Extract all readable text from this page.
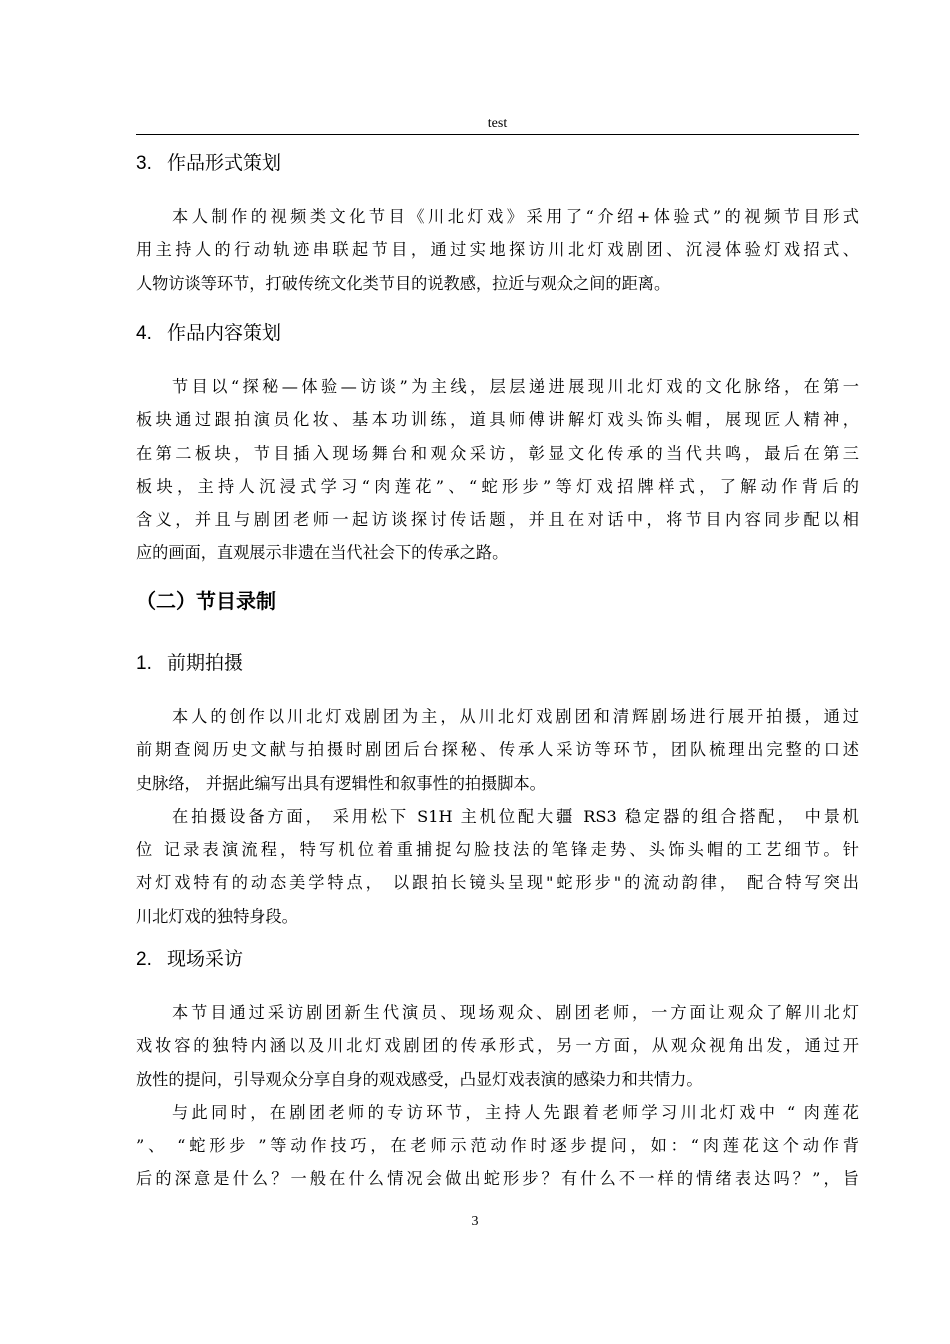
test
3. 作品形式策划
本人制作的视频类文化节目《川北灯戏》采用了“介绍+体验式”的视频节目形式
用主持人的行动轨迹串联起节目，通过实地探访川北灯戏剧团、沉浸体验灯戏招式、
人物访谈等环节，打破传统文化类节目的说教感，拉近与观众之间的距离。
4. 作品内容策划
节目以“探秘—体验—访谈”为主线，层层递进展现川北灯戏的文化脉络，在第一
板块通过跟拍演员化妆、基本功训练，道具师傅讲解灯戏头饰头帽，展现匠人精神，
在第二板块，节目插入现场舞台和观众采访，彰显文化传承的当代共鸣，最后在第三
板块，主持人沉浸式学习“肉莲花”、“蛇形步”等灯戏招牌样式，了解动作背后的
含义，并且与剧团老师一起访谈探讨传话题，并且在对话中，将节目内容同步配以相
应的画面，直观展示非遗在当代社会下的传承之路。
（二）节目录制
1. 前期拍摄
本人的创作以川北灯戏剧团为主，从川北灯戏剧团和清辉剧场进行展开拍摄，通过
前期查阅历史文献与拍摄时剧团后台探秘、传承人采访等环节，团队梳理出完整的口述
史脉络， 并据此编写出具有逻辑性和叙事性的拍摄脚本。
在拍摄设备方面， 采用松下 S1H 主机位配大疆 RS3 稳定器的组合搭配， 中景机
位 记录表演流程，特写机位着重捕捉勾脸技法的笔锋走势、头饰头帽的工艺细节。针
对灯戏特有的动态美学特点， 以跟拍长镜头呈现"蛇形步"的流动韵律， 配合特写突出
川北灯戏的独特身段。
2. 现场采访
本节目通过采访剧团新生代演员、现场观众、剧团老师，一方面让观众了解川北灯
戏妆容的独特内涵以及川北灯戏剧团的传承形式，另一方面，从观众视角出发，通过开
放性的提问，引导观众分享自身的观戏感受，凸显灯戏表演的感染力和共情力。
与此同时，在剧团老师的专访环节，主持人先跟着老师学习川北灯戏中 “ 肉莲花
”、 “蛇形步 ”等动作技巧，在老师示范动作时逐步提问，如：“肉莲花这个动作背
后的深意是什么？一般在什么情况会做出蛇形步？有什么不一样的情绪表达吗？”，旨
3
